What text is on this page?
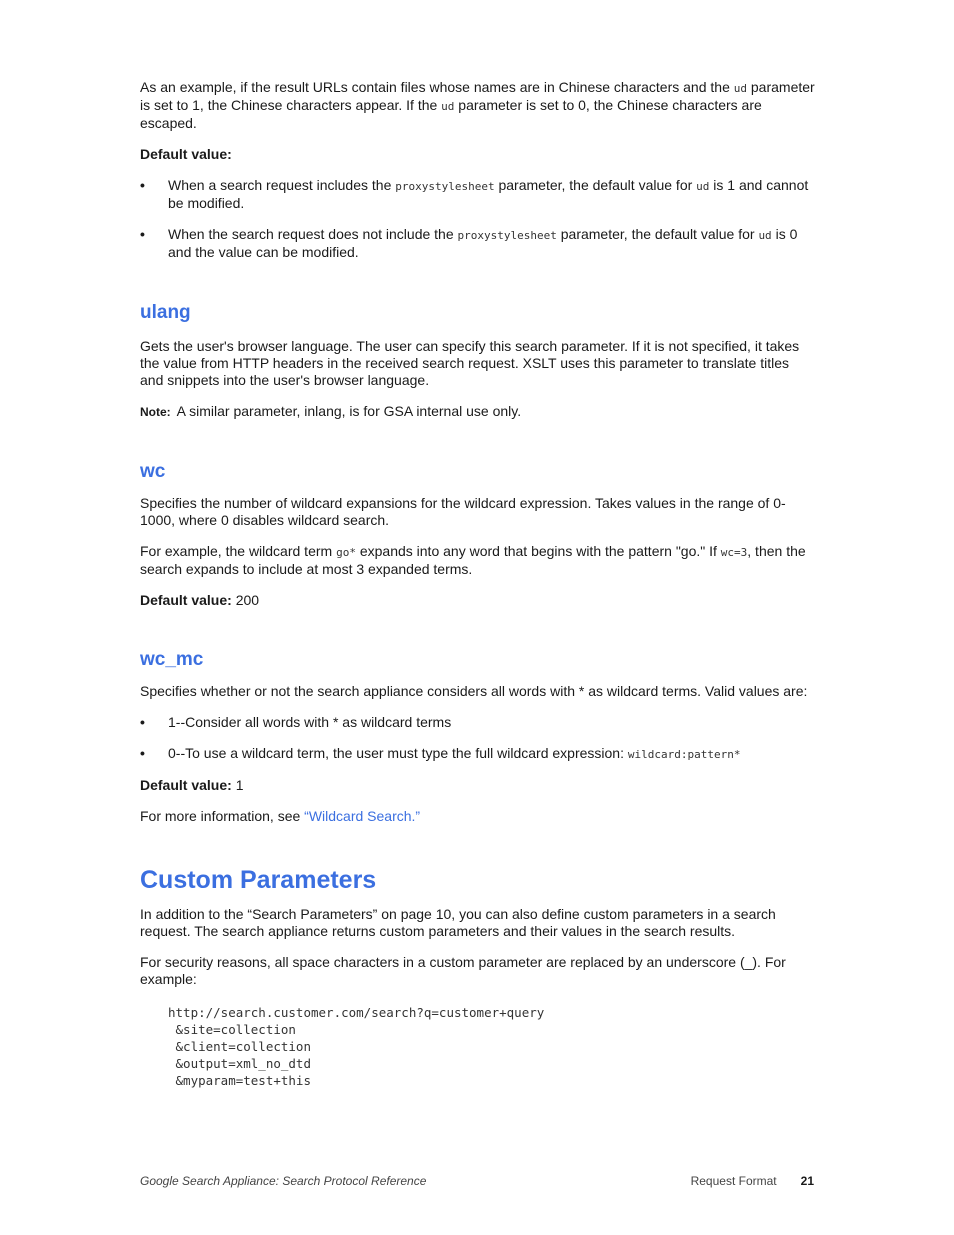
As an example, if the result URLs contain files whose names are in Chinese characters and the ud parameter is set to 1, the Chinese characters appear. If the ud parameter is set to 0, the Chinese characters are escaped.

Default value:

• When a search request includes the proxystylesheet parameter, the default value for ud is 1 and cannot be modified.
• When the search request does not include the proxystylesheet parameter, the default value for ud is 0 and the value can be modified.
ulang

Gets the user's browser language. The user can specify this search parameter. If it is not specified, it takes the value from HTTP headers in the received search request. XSLT uses this parameter to translate titles and snippets into the user's browser language.

Note: A similar parameter, inlang, is for GSA internal use only.

wc

Specifies the number of wildcard expansions for the wildcard expression. Takes values in the range of 0-1000, where 0 disables wildcard search.

For example, the wildcard term go* expands into any word that begins with the pattern "go." If wc=3, then the search expands to include at most 3 expanded terms.

Default value: 200

wc_mc

Specifies whether or not the search appliance considers all words with * as wildcard terms. Valid values are:

• 1--Consider all words with * as wildcard terms
• 0--To use a wildcard term, the user must type the full wildcard expression: wildcard:pattern*

Default value: 1

For more information, see “Wildcard Search.”

Custom Parameters

In addition to the “Search Parameters” on page 10, you can also define custom parameters in a search request. The search appliance returns custom parameters and their values in the search results.

For security reasons, all space characters in a custom parameter are replaced by an underscore (_). For example:

http://search.customer.com/search?q=customer+query
&site=collection
&client=collection
&output=xml_no_dtd
&myparam=test+this
Google Search Appliance: Search Protocol Reference	Request Format 21
